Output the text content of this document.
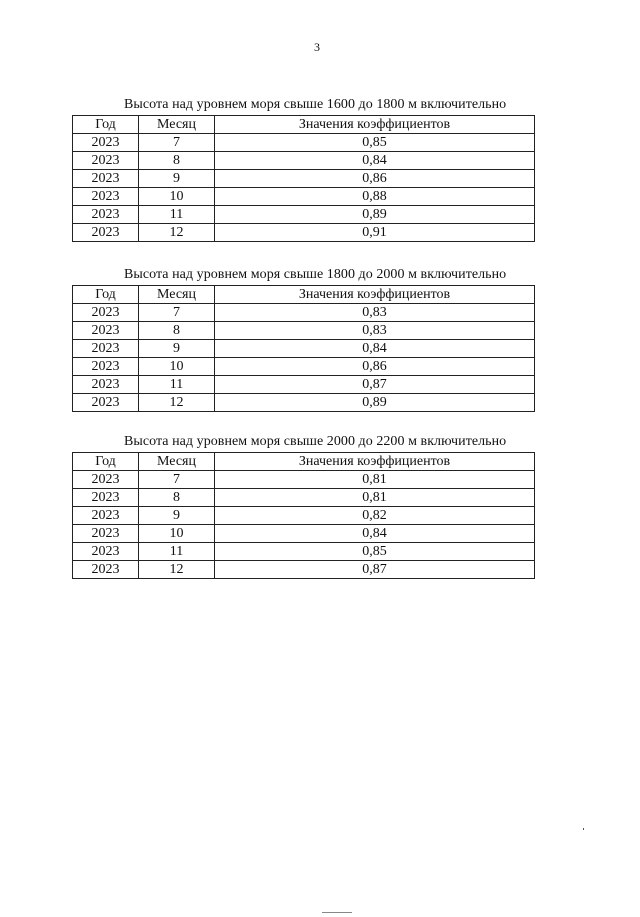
3
Высота над уровнем моря свыше 1600 до 1800 м включительно
Год	Месяц	Значения коэффициентов
2023	7	0,85
2023	8	0,84
2023	9	0,86
2023	10	0,88
2023	11	0,89
2023	12	0,91
Высота над уровнем моря свыше 1800 до 2000 м включительно
Год	Месяц	Значения коэффициентов
2023	7	0,83
2023	8	0,83
2023	9	0,84
2023	10	0,86
2023	11	0,87
2023	12	0,89
Высота над уровнем моря свыше 2000 до 2200 м включительно
Год	Месяц	Значения коэффициентов
2023	7	0,81
2023	8	0,81
2023	9	0,82
2023	10	0,84
2023	11	0,85
2023	12	0,87
